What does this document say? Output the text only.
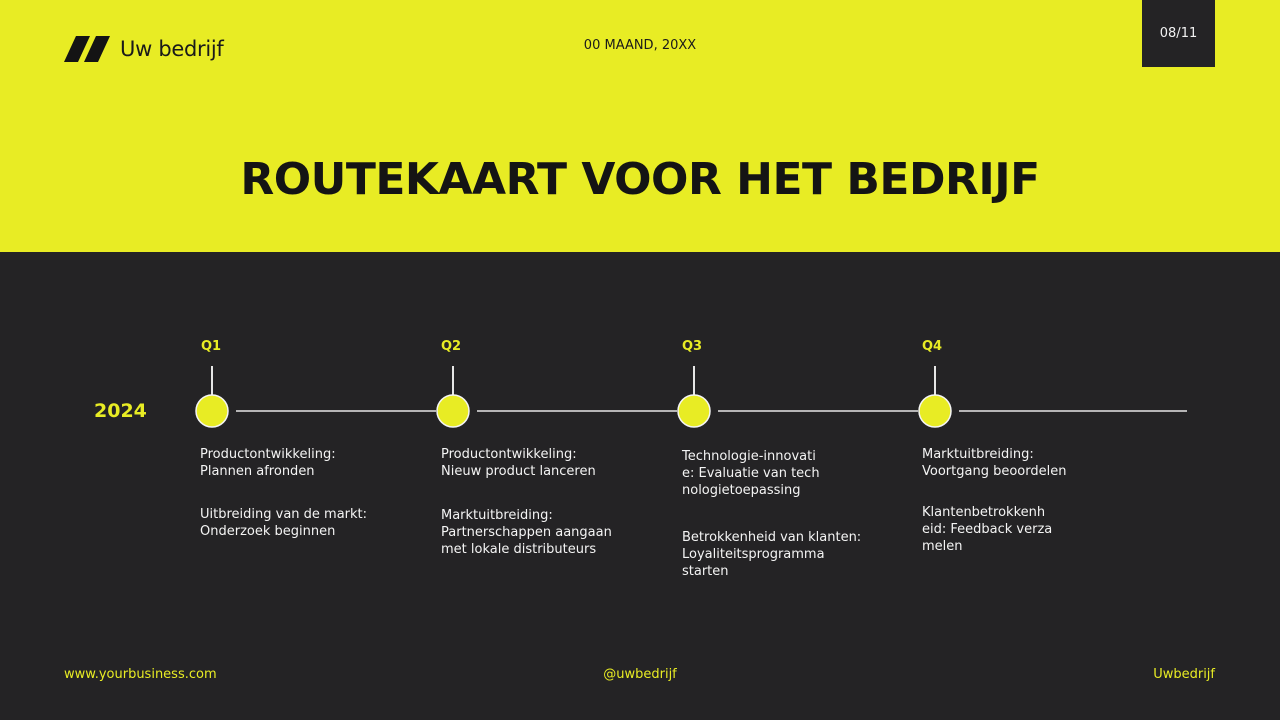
Uw bedrijf	00 MAAND, 20XX
08/11
ROUTEKAART VOOR HET BEDRIJF
2024
Q1	Q2	Q3	Q4

Productontwikkeling:
Plannen afronden

Uitbreiding van de markt:
Onderzoek beginnen

Productontwikkeling:
Nieuw product lanceren

Marktuitbreiding:
Partnerschappen aangaan
met lokale distributeurs

Technologie-innovati
e: Evaluatie van tech
nologietoepassing

Betrokkenheid van klanten:
Loyaliteitsprogramma
starten

Marktuitbreiding:
Voortgang beoordelen

Klantenbetrokkenh
eid: Feedback verza
melen

www.yourbusiness.com	@uwbedrijf	Uwbedrijf
